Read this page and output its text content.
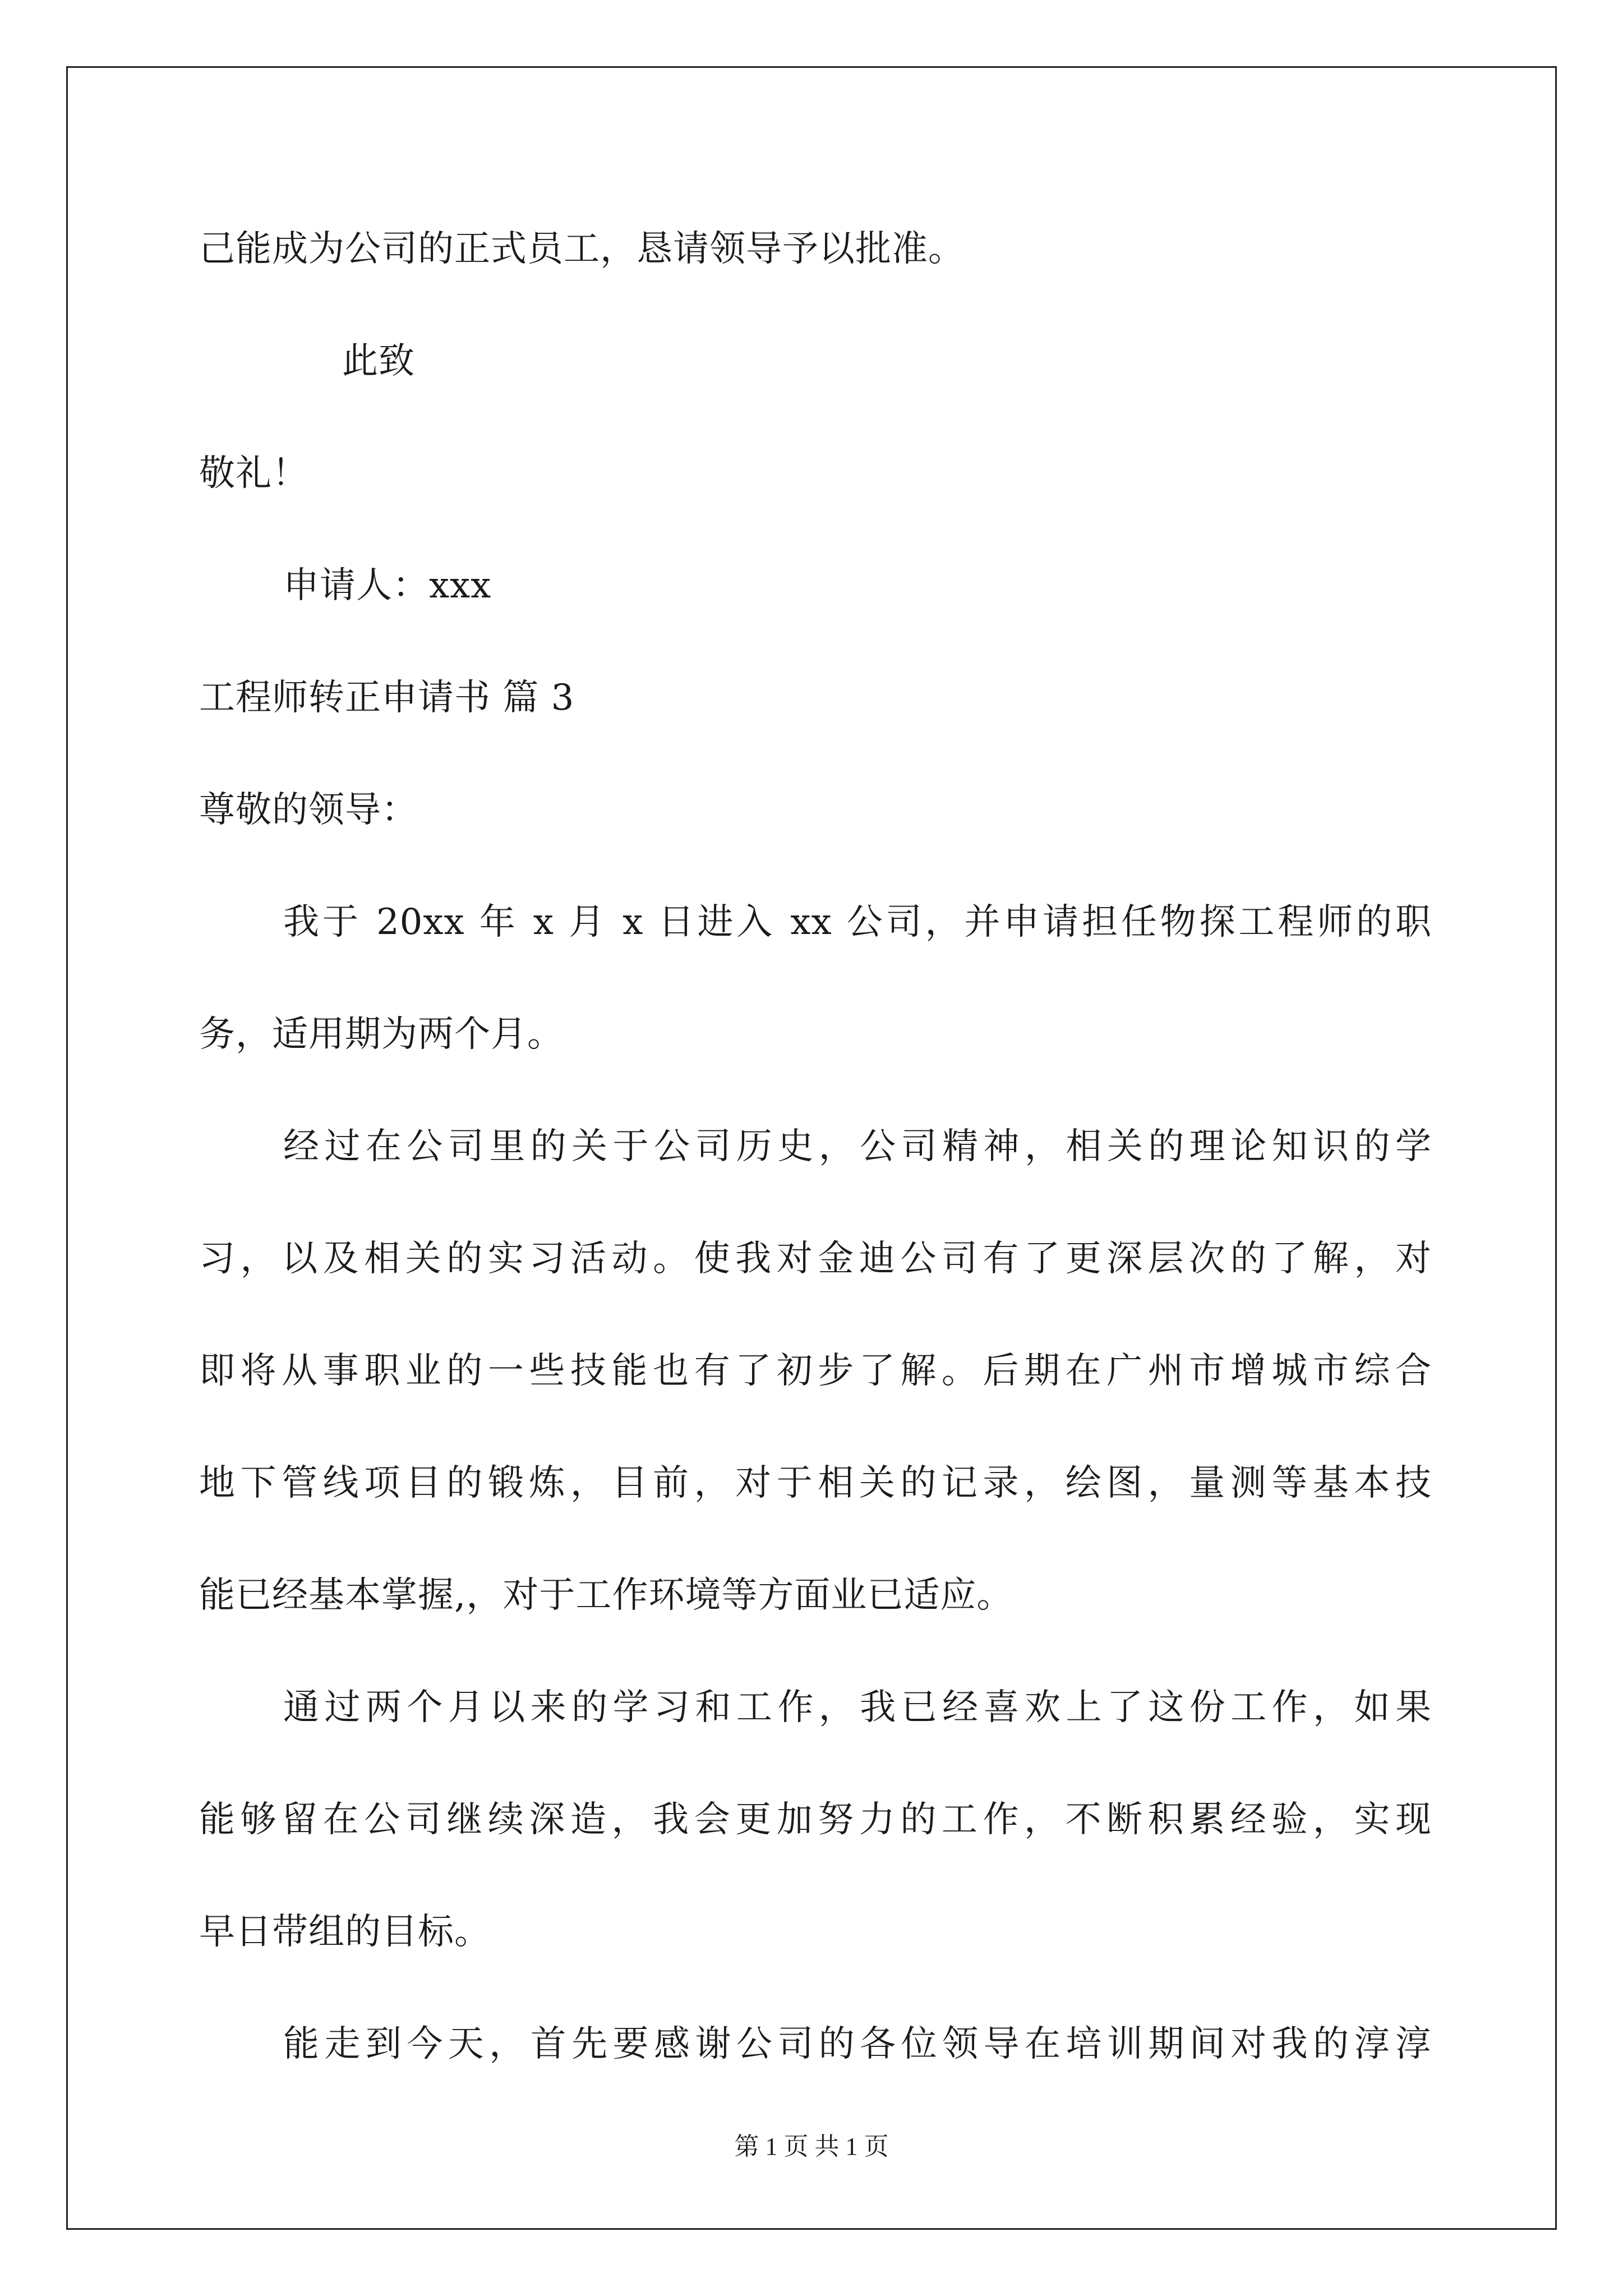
己能成为公司的正式员工，恳请领导予以批准。
此致
敬礼！
申请人：xxx
工程师转正申请书 篇 3
尊敬的领导：
我于 20xx 年 x 月 x 日进入 xx 公司，并申请担任物探工程师的职
务，适用期为两个月。
经过在公司里的关于公司历史，公司精神，相关的理论知识的学
习，以及相关的实习活动。使我对金迪公司有了更深层次的了解，对
即将从事职业的一些技能也有了初步了解。后期在广州市增城市综合
地下管线项目的锻炼，目前，对于相关的记录，绘图，量测等基本技
能已经基本掌握,，对于工作环境等方面业已适应。
通过两个月以来的学习和工作，我已经喜欢上了这份工作，如果
能够留在公司继续深造，我会更加努力的工作，不断积累经验，实现
早日带组的目标。
能走到今天，首先要感谢公司的各位领导在培训期间对我的淳淳
第 1 页 共 1 页
